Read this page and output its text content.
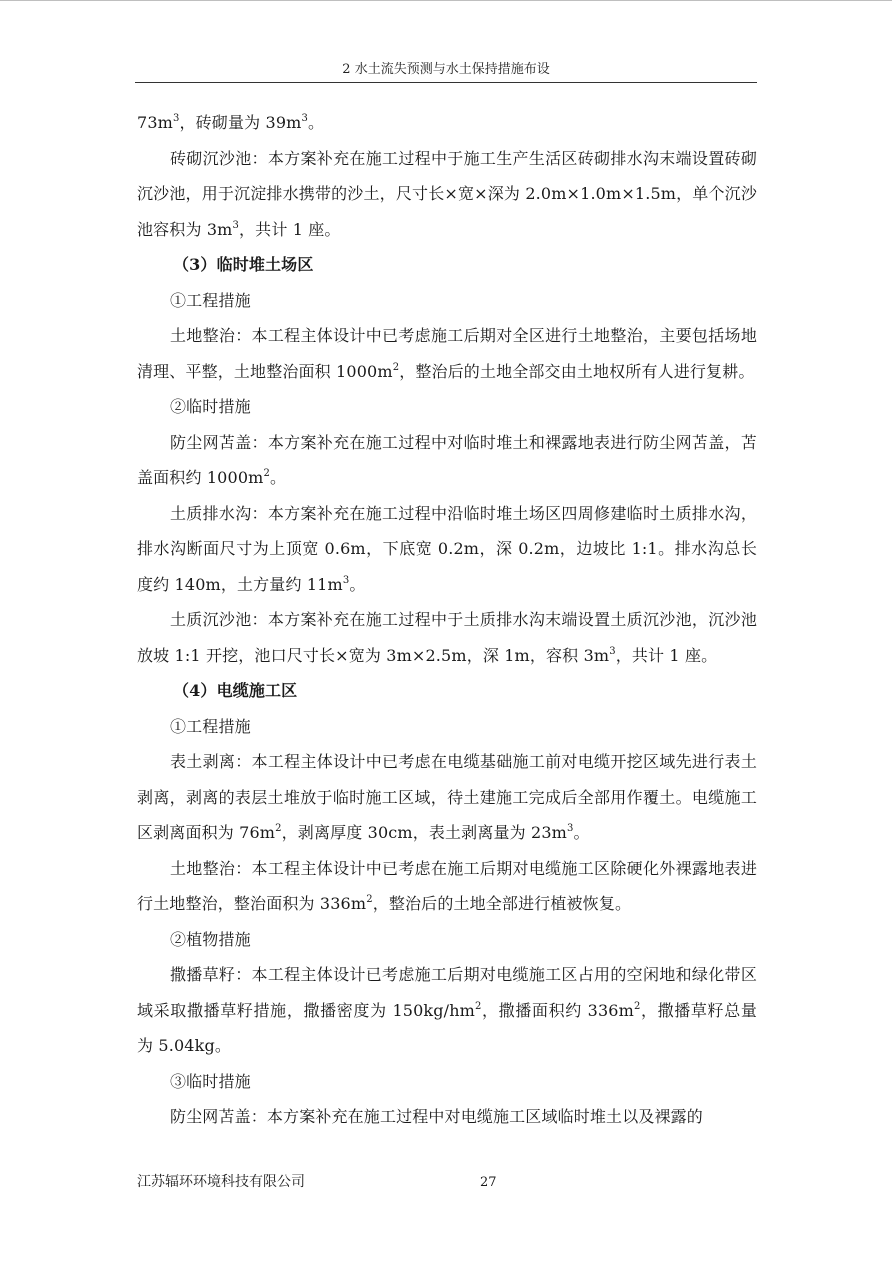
2 水土流失预测与水土保持措施布设

$73m^3$，砖砌量为 $39m^3$。

砖砌沉沙池：本方案补充在施工过程中于施工生产生活区砖砌排水沟末端设置砖砌沉沙池，用于沉淀排水携带的沙土，尺寸长×宽×深为 2.0m×1.0m×1.5m，单个沉沙池容积为 $3m^3$，共计 1 座。

（3）临时堆土场区

①工程措施

土地整治：本工程主体设计中已考虑施工后期对全区进行土地整治，主要包括场地清理、平整，土地整治面积 $1000m^2$，整治后的土地全部交由土地权所有人进行复耕。

②临时措施

防尘网苫盖：本方案补充在施工过程中对临时堆土和裸露地表进行防尘网苫盖，苫盖面积约 $1000m^2$。

土质排水沟：本方案补充在施工过程中沿临时堆土场区四周修建临时土质排水沟，排水沟断面尺寸为上顶宽 0.6m，下底宽 0.2m，深 0.2m，边坡比 1:1。排水沟总长度约 140m，土方量约 $11m^3$。

土质沉沙池：本方案补充在施工过程中于土质排水沟末端设置土质沉沙池，沉沙池放坡 1:1 开挖，池口尺寸长×宽为 3m×2.5m，深 1m，容积 $3m^3$，共计 1 座。

（4）电缆施工区

①工程措施

表土剥离：本工程主体设计中已考虑在电缆基础施工前对电缆开挖区域先进行表土剥离，剥离的表层土堆放于临时施工区域，待土建施工完成后全部用作覆土。电缆施工区剥离面积为 $76m^2$，剥离厚度 30cm，表土剥离量为 $23m^3$。

土地整治：本工程主体设计中已考虑在施工后期对电缆施工区除硬化外裸露地表进行土地整治，整治面积为 $336m^2$，整治后的土地全部进行植被恢复。

②植物措施

撒播草籽：本工程主体设计已考虑施工后期对电缆施工区占用的空闲地和绿化带区域采取撒播草籽措施，撒播密度为 $150kg/hm^2$，撒播面积约 $336m^2$，撒播草籽总量为 5.04kg。

③临时措施

防尘网苫盖：本方案补充在施工过程中对电缆施工区域临时堆土以及裸露的

江苏辐环环境科技有限公司	27
